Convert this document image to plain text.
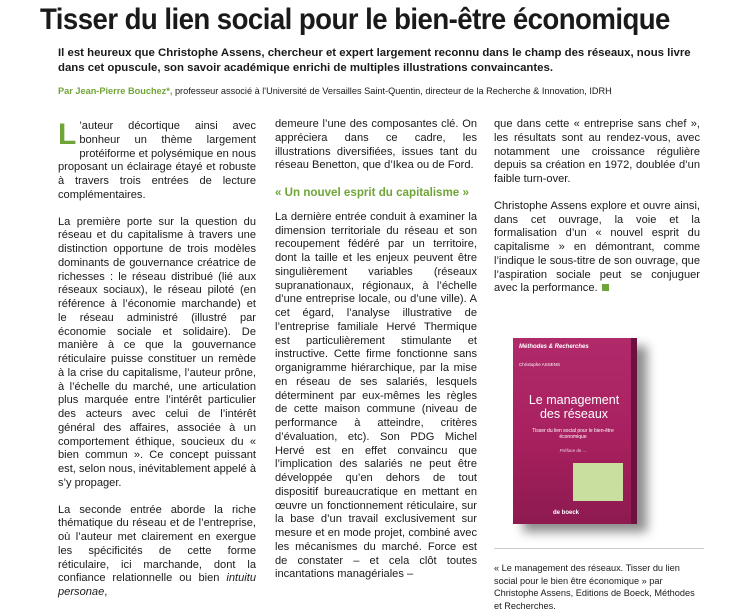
Tisser du lien social pour le bien-être économique
Il est heureux que Christophe Assens, chercheur et expert largement reconnu dans le champ des réseaux, nous livre dans cet opuscule, son savoir académique enrichi de multiples illustrations convaincantes.
Par Jean-Pierre Bouchez*, professeur associé à l'Université de Versailles Saint-Quentin, directeur de la Recherche & Innovation, IDRH

L ’auteur décortique ainsi avec bonheur un thème largement protéiforme et polysémique en nous proposant un éclairage étayé et robuste à travers trois entrées de lecture complémentaires.

La première porte sur la question du réseau et du capitalisme à travers une distinction opportune de trois modèles dominants de gouvernance créatrice de richesses : le réseau distribué (lié aux réseaux sociaux), le réseau piloté (en référence à l’économie marchande) et le réseau administré (illustré par économie sociale et solidaire). De manière à ce que la gouvernance réticulaire puisse constituer un remède à la crise du capitalisme, l’auteur prône, à l’échelle du marché, une articulation plus marquée entre l’intérêt particulier des acteurs avec celui de l’intérêt général des affaires, associée à un comportement éthique, soucieux du « bien commun ». Ce concept puissant est, selon nous, inévitablement appelé à s’y propager.

La seconde entrée aborde la riche thématique du réseau et de l’entreprise, où l’auteur met clairement en exergue les spécificités de cette forme réticulaire, ici marchande, dont la confiance relationnelle ou bien intuitu personae,

demeure l’une des composantes clé. On appréciera dans ce cadre, les illustrations diversifiées, issues tant du réseau Benetton, que d’Ikea ou de Ford.

« Un nouvel esprit du capitalisme »

La dernière entrée conduit à examiner la dimension territoriale du réseau et son recoupement fédéré par un territoire, dont la taille et les enjeux peuvent être singulièrement variables (réseaux supranationaux, régionaux, à l’échelle d’une entreprise locale, ou d’une ville). A cet égard, l’analyse illustrative de l’entreprise familiale Hervé Thermique est particulièrement stimulante et instructive. Cette firme fonctionne sans organigramme hiérarchique, par la mise en réseau de ses salariés, lesquels déterminent par eux-mêmes les règles de cette maison commune (niveau de performance à atteindre, critères d’évaluation, etc). Son PDG Michel Hervé est en effet convaincu que l’implication des salariés ne peut être développée qu’en dehors de tout dispositif bureaucratique en mettant en œuvre un fonctionnement réticulaire, sur la base d’un travail exclusivement sur mesure et en mode projet, combiné avec les mécanismes du marché. Force est de constater – et cela clôt toutes incantations managériales –

que dans cette « entreprise sans chef », les résultats sont au rendez-vous, avec notamment une croissance régulière depuis sa création en 1972, doublée d’un faible turn-over.

Christophe Assens explore et ouvre ainsi, dans cet ouvrage, la voie et la formalisation d’un « nouvel esprit du capitalisme » en démontrant, comme l’indique le sous-titre de son ouvrage, que l’aspiration sociale peut se conjuguer avec la performance.

Méthodes & Recherches
Christophe ASSENS
Le management des réseaux
Tisser du lien social pour le bien-être économique
Préface de ...
de boeck
« Le management des réseaux. Tisser du lien social pour le bien être économique » par Christophe Assens, Editions de Boeck, Méthodes et Recherches.
